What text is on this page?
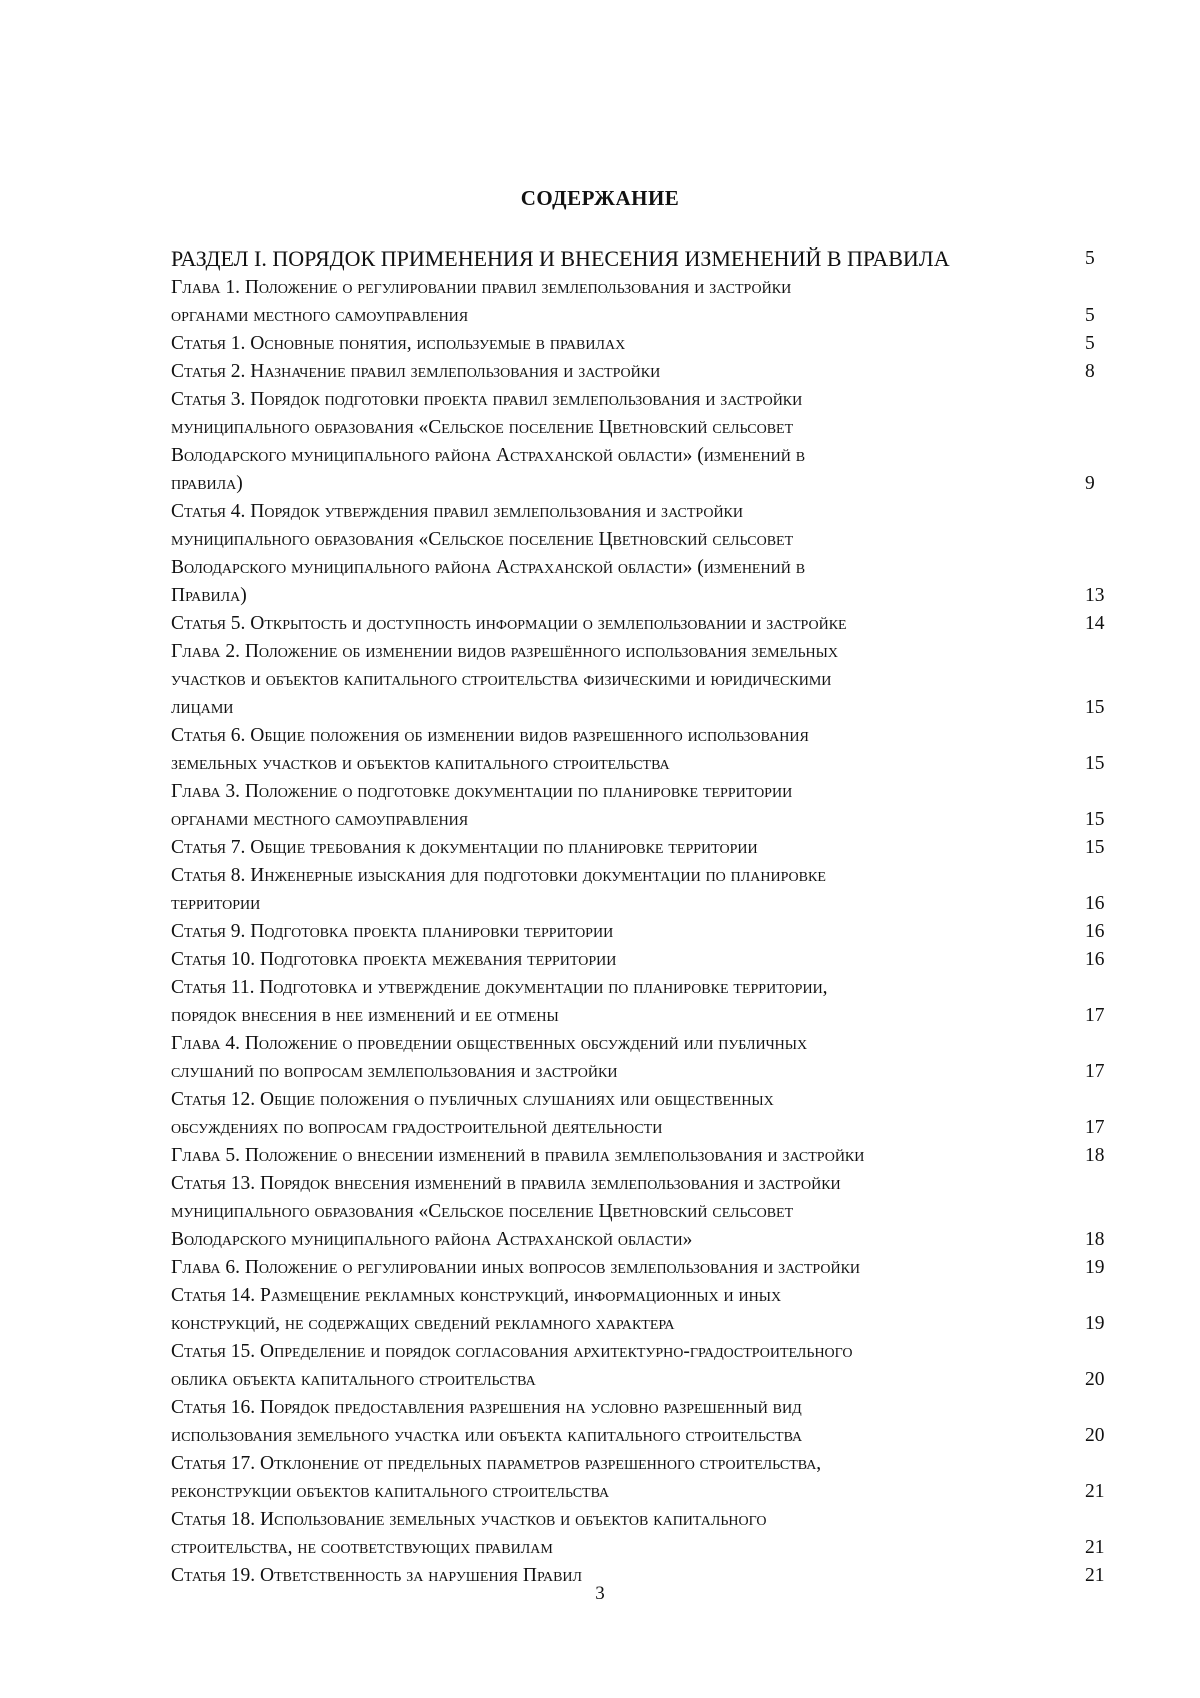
СОДЕРЖАНИЕ
РАЗДЕЛ I. ПОРЯДОК ПРИМЕНЕНИЯ И ВНЕСЕНИЯ ИЗМЕНЕНИЙ В ПРАВИЛА	5
Глава 1. Положение о регулировании правил землепользования и застройки
органами местного самоуправления	5
Статья 1. Основные понятия, используемые в правилах	5
Статья 2. Назначение правил землепользования и застройки	8
Статья 3. Порядок подготовки проекта правил землепользования и застройки
муниципального образования «Сельское поселение Цветновский сельсовет
Володарского муниципального района Астраханской области» (изменений в
правила)	9
Статья 4. Порядок утверждения правил землепользования и застройки
муниципального образования «Сельское поселение Цветновский сельсовет
Володарского муниципального района Астраханской области» (изменений в
Правила)	13
Статья 5. Открытость и доступность информации о землепользовании и застройке	14
Глава 2. Положение об изменении видов разрешённого использования земельных
участков и объектов капитального строительства физическими и юридическими
лицами	15
Статья 6. Общие положения об изменении видов разрешенного использования
земельных участков и объектов капитального строительства	15
Глава 3. Положение о подготовке документации по планировке территории
органами местного самоуправления	15
Статья 7. Общие требования к документации по планировке территории	15
Статья 8. Инженерные изыскания для подготовки документации по планировке
территории	16
Статья 9. Подготовка проекта планировки территории	16
Статья 10. Подготовка проекта межевания территории	16
Статья 11. Подготовка и утверждение документации по планировке территории,
порядок внесения в нее изменений и ее отмены	17
Глава 4. Положение о проведении общественных обсуждений или публичных
слушаний по вопросам землепользования и застройки	17
Статья 12. Общие положения о публичных слушаниях или общественных
обсуждениях по вопросам градостроительной деятельности	17
Глава 5. Положение о внесении изменений в правила землепользования и застройки	18
Статья 13. Порядок внесения изменений в правила землепользования и застройки
муниципального образования «Сельское поселение Цветновский сельсовет
Володарского муниципального района Астраханской области»	18
Глава 6. Положение о регулировании иных вопросов землепользования и застройки	19
Статья 14. Размещение рекламных конструкций, информационных и иных
конструкций, не содержащих сведений рекламного характера	19
Статья 15. Определение и порядок согласования архитектурно-градостроительного
облика объекта капитального строительства	20
Статья 16. Порядок предоставления разрешения на условно разрешенный вид
использования земельного участка или объекта капитального строительства	20
Статья 17. Отклонение от предельных параметров разрешенного строительства,
реконструкции объектов капитального строительства	21
Статья 18. Использование земельных участков и объектов капитального
строительства, не соответствующих правилам	21
Статья 19. Ответственность за нарушения Правил	21
3
